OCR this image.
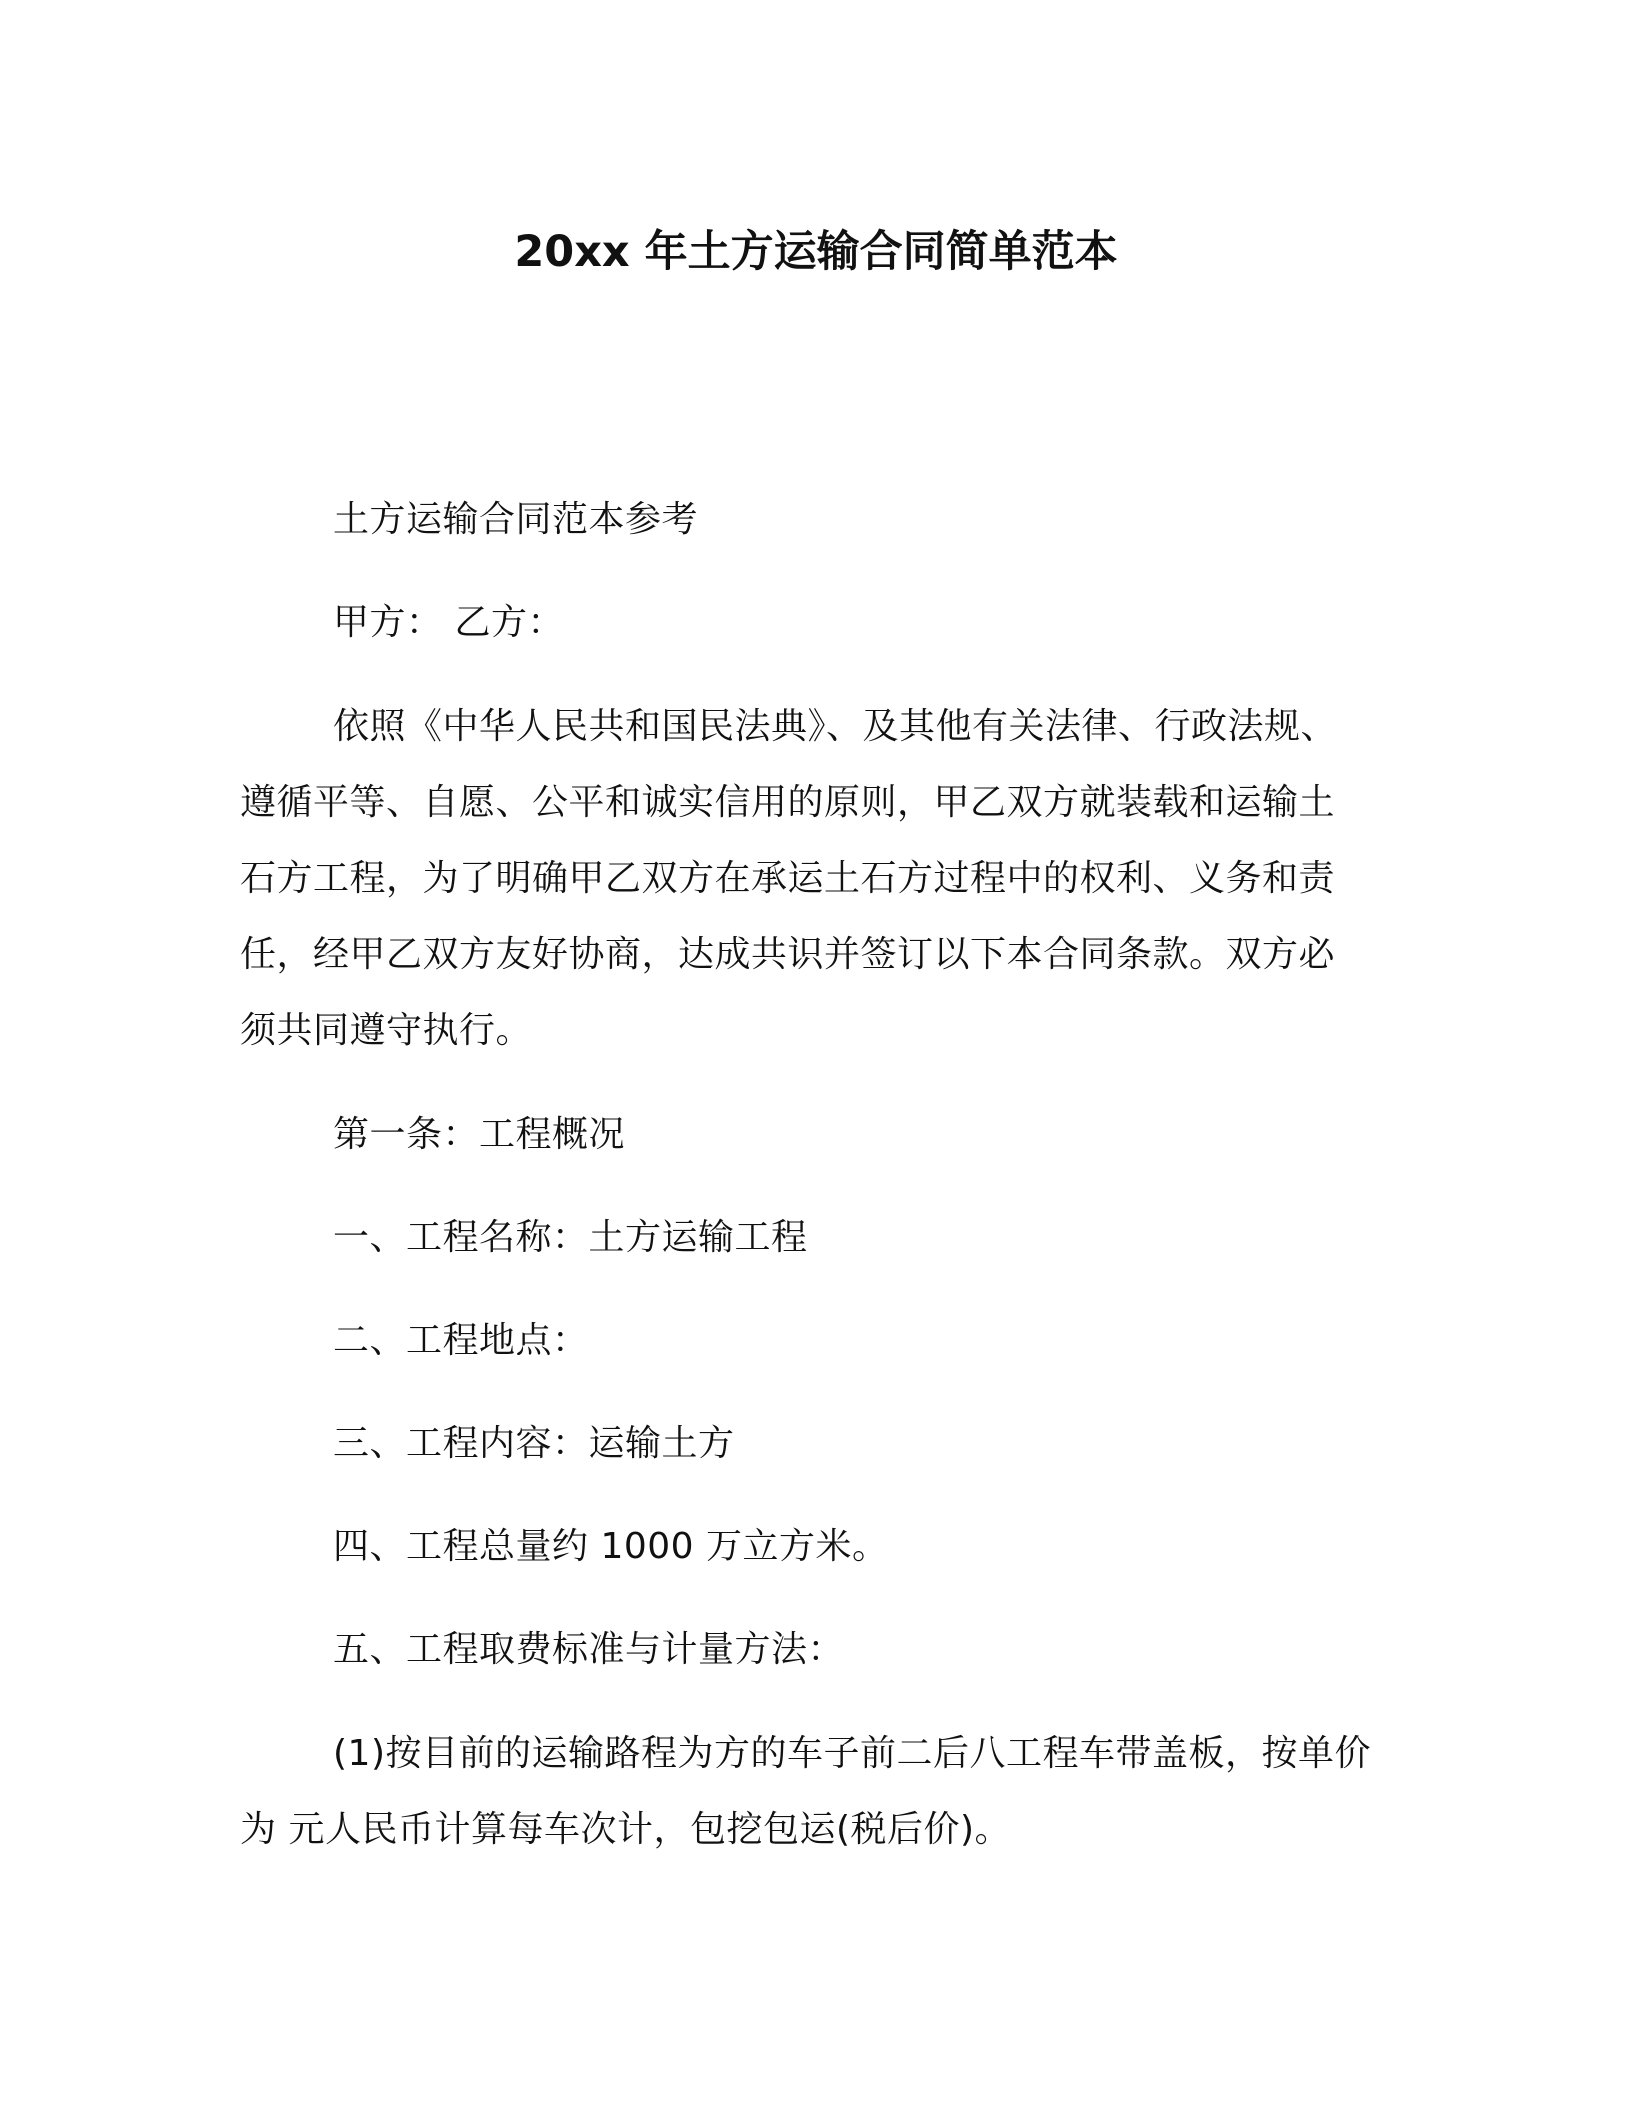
20xx 年土方运输合同简单范本
土方运输合同范本参考
甲方： 乙方：
依照《中华人民共和国民法典》、及其他有关法律、行政法规、
遵循平等、自愿、公平和诚实信用的原则，甲乙双方就装载和运输土
石方工程，为了明确甲乙双方在承运土石方过程中的权利、义务和责
任，经甲乙双方友好协商，达成共识并签订以下本合同条款。双方必
须共同遵守执行。
第一条：工程概况
一、工程名称：土方运输工程
二、工程地点：
三、工程内容：运输土方
四、工程总量约 1000 万立方米。
五、工程取费标准与计量方法：
(1)按目前的运输路程为方的车子前二后八工程车带盖板，按单价
为 元人民币计算每车次计，包挖包运(税后价)。
